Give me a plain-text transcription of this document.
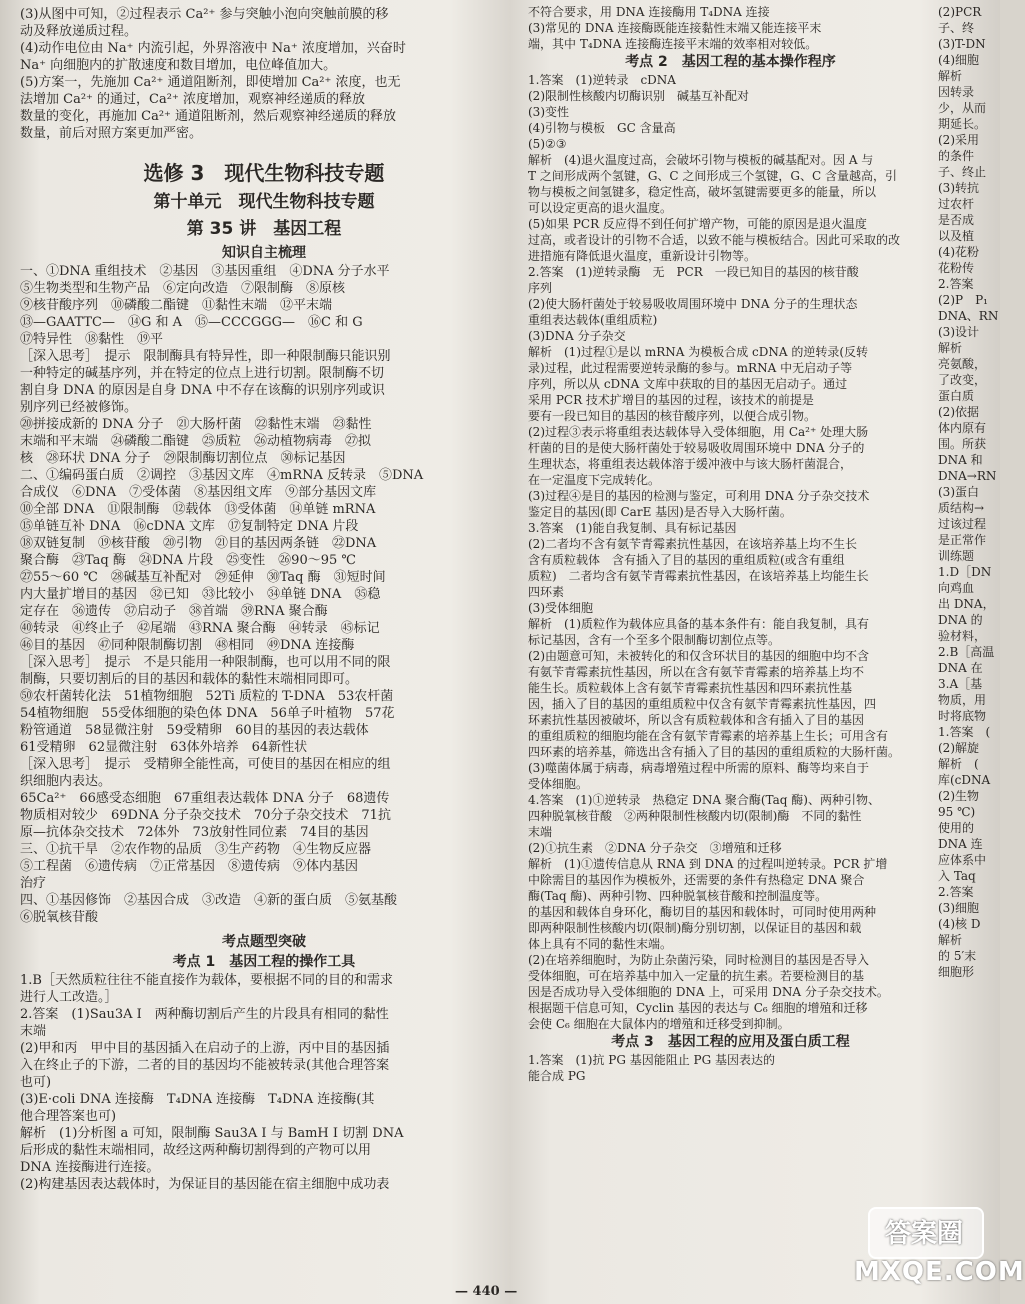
(3)从图中可知，②过程表示 Ca²⁺ 参与突触小泡向突触前膜的移

动及释放递质过程。

(4)动作电位由 Na⁺ 内流引起，外界溶液中 Na⁺ 浓度增加，兴奋时

Na⁺ 向细胞内的扩散速度和数目增加，电位峰值加大。

(5)方案一，先施加 Ca²⁺ 通道阻断剂，即使增加 Ca²⁺ 浓度，也无

法增加 Ca²⁺ 的通过，Ca²⁺ 浓度增加，观察神经递质的释放

数量的变化，再施加 Ca²⁺ 通道阻断剂，然后观察神经递质的释放

数量，前后对照方案更加严密。

选修 3　现代生物科技专题

第十单元　现代生物科技专题

第 35 讲　基因工程

知识自主梳理

一、①DNA 重组技术　②基因　③基因重组　④DNA 分子水平

⑤生物类型和生物产品　⑥定向改造　⑦限制酶　⑧原核

⑨核苷酸序列　⑩磷酸二酯键　⑪黏性末端　⑫平末端

⑬—GAATTC—　⑭G 和 A　⑮—CCCGGG—　⑯C 和 G

⑰特异性　⑱黏性　⑲平

［深入思考］　提示　限制酶具有特异性，即一种限制酶只能识别

一种特定的碱基序列，并在特定的位点上进行切割。限制酶不切

割自身 DNA 的原因是自身 DNA 中不存在该酶的识别序列或识

别序列已经被修饰。

⑳拼接成新的 DNA 分子　㉑大肠杆菌　㉒黏性末端　㉓黏性

末端和平末端　㉔磷酸二酯键　㉕质粒　㉖动植物病毒　㉗拟

核　㉘环状 DNA 分子　㉙限制酶切割位点　㉚标记基因

二、①编码蛋白质　②调控　③基因文库　④mRNA 反转录　⑤DNA

合成仪　⑥DNA　⑦受体菌　⑧基因组文库　⑨部分基因文库

⑩全部 DNA　⑪限制酶　⑫载体　⑬受体菌　⑭单链 mRNA

⑮单链互补 DNA　⑯cDNA 文库　⑰复制特定 DNA 片段

⑱双链复制　⑲核苷酸　⑳引物　㉑目的基因两条链　㉒DNA

聚合酶　㉓Taq 酶　㉔DNA 片段　㉕变性　㉖90～95 ℃

㉗55～60 ℃　㉘碱基互补配对　㉙延伸　㉚Taq 酶　㉛短时间

内大量扩增目的基因　㉜已知　㉝比较小　㉞单链 DNA　㉟稳

定存在　㊱遗传　㊲启动子　㊳首端　㊴RNA 聚合酶

㊵转录　㊶终止子　㊷尾端　㊸RNA 聚合酶　㊹转录　㊺标记

㊻目的基因　㊼同种限制酶切割　㊽相同　㊾DNA 连接酶

［深入思考］　提示　不是只能用一种限制酶，也可以用不同的限

制酶，只要切割后的目的基因和载体的黏性末端相同即可。

㊿农杆菌转化法　51植物细胞　52Ti 质粒的 T-DNA　53农杆菌

54植物细胞　55受体细胞的染色体 DNA　56单子叶植物　57花

粉管通道　58显微注射　59受精卵　60目的基因的表达载体

61受精卵　62显微注射　63体外培养　64新性状

［深入思考］　提示　受精卵全能性高，可使目的基因在相应的组

织细胞内表达。

65Ca²⁺　66感受态细胞　67重组表达载体 DNA 分子　68遗传

物质相对较少　69DNA 分子杂交技术　70分子杂交技术　71抗

原—抗体杂交技术　72体外　73放射性同位素　74目的基因

三、①抗干旱　②农作物的品质　③生产药物　④生物反应器

⑤工程菌　⑥遗传病　⑦正常基因　⑧遗传病　⑨体内基因

治疗

四、①基因修饰　②基因合成　③改造　④新的蛋白质　⑤氨基酸

⑥脱氧核苷酸

考点题型突破

考点 1　基因工程的操作工具

1.B［天然质粒往往不能直接作为载体，要根据不同的目的和需求

进行人工改造。］

2.答案　(1)Sau3A Ⅰ　两种酶切割后产生的片段具有相同的黏性

末端

(2)甲和丙　甲中目的基因插入在启动子的上游，丙中目的基因插

入在终止子的下游，二者的目的基因均不能被转录(其他合理答案

也可)

(3)E·coli DNA 连接酶　T₄DNA 连接酶　T₄DNA 连接酶(其

他合理答案也可)

解析　(1)分析图 a 可知，限制酶 Sau3A Ⅰ 与 BamH Ⅰ 切割 DNA

后形成的黏性末端相同，故经这两种酶切割得到的产物可以用

DNA 连接酶进行连接。

(2)构建基因表达载体时，为保证目的基因能在宿主细胞中成功表

不符合要求，用 DNA 连接酶用 T₄DNA 连接

(3)常见的 DNA 连接酶既能连接黏性末端又能连接平末

端，其中 T₄DNA 连接酶连接平末端的效率相对较低。

考点 2　基因工程的基本操作程序

1.答案　(1)逆转录　cDNA

(2)限制性核酸内切酶识别　碱基互补配对

(3)变性

(4)引物与模板　GC 含量高

(5)②③

解析　(4)退火温度过高，会破坏引物与模板的碱基配对。因 A 与

T 之间形成两个氢键，G、C 之间形成三个氢键，G、C 含量越高，引

物与模板之间氢键多，稳定性高，破坏氢键需要更多的能量，所以

可以设定更高的退火温度。

(5)如果 PCR 反应得不到任何扩增产物，可能的原因是退火温度

过高，或者设计的引物不合适，以致不能与模板结合。因此可采取的改

进措施有降低退火温度，重新设计引物等。

2.答案　(1)逆转录酶　无　PCR　一段已知目的基因的核苷酸

序列

(2)使大肠杆菌处于较易吸收周围环境中 DNA 分子的生理状态

重组表达载体(重组质粒)

(3)DNA 分子杂交

解析　(1)过程①是以 mRNA 为模板合成 cDNA 的逆转录(反转

录)过程，此过程需要逆转录酶的参与。mRNA 中无启动子等

序列，所以从 cDNA 文库中获取的目的基因无启动子。通过

采用 PCR 技术扩增目的基因的过程，该技术的前提是

要有一段已知目的基因的核苷酸序列，以便合成引物。

(2)过程③表示将重组表达载体导入受体细胞，用 Ca²⁺ 处理大肠

杆菌的目的是使大肠杆菌处于较易吸收周围环境中 DNA 分子的

生理状态，将重组表达载体溶于缓冲液中与该大肠杆菌混合，

在一定温度下完成转化。

(3)过程④是目的基因的检测与鉴定，可利用 DNA 分子杂交技术

鉴定目的基因(即 CarE 基因)是否导入大肠杆菌。

3.答案　(1)能自我复制、具有标记基因

(2)二者均不含有氨苄青霉素抗性基因，在该培养基上均不生长

含有质粒载体　含有插入了目的基因的重组质粒(或含有重组

质粒)　二者均含有氨苄青霉素抗性基因，在该培养基上均能生长

四环素

(3)受体细胞

解析　(1)质粒作为载体应具备的基本条件有：能自我复制，具有

标记基因，含有一个至多个限制酶切割位点等。

(2)由题意可知，未被转化的和仅含环状目的基因的细胞中均不含

有氨苄青霉素抗性基因，所以在含有氨苄青霉素的培养基上均不

能生长。质粒载体上含有氨苄青霉素抗性基因和四环素抗性基

因，插入了目的基因的重组质粒中仅含有氨苄青霉素抗性基因，四

环素抗性基因被破坏，所以含有质粒载体和含有插入了目的基因

的重组质粒的细胞均能在含有氨苄青霉素的培养基上生长；可用含有

四环素的培养基，筛选出含有插入了目的基因的重组质粒的大肠杆菌。

(3)噬菌体属于病毒，病毒增殖过程中所需的原料、酶等均来自于

受体细胞。

4.答案　(1)①逆转录　热稳定 DNA 聚合酶(Taq 酶)、两种引物、

四种脱氧核苷酸　②两种限制性核酸内切(限制)酶　不同的黏性

末端

(2)①抗生素　②DNA 分子杂交　③增殖和迁移

解析　(1)①遗传信息从 RNA 到 DNA 的过程叫逆转录。PCR 扩增

中除需目的基因作为模板外，还需要的条件有热稳定 DNA 聚合

酶(Taq 酶)、两种引物、四种脱氧核苷酸和控制温度等。

的基因和载体自身环化，酶切目的基因和载体时，可同时使用两种

即两种限制性核酸内切(限制)酶分别切割，以保证目的基因和载

体上具有不同的黏性末端。

(2)在培养细胞时，为防止杂菌污染，同时检测目的基因是否导入

受体细胞，可在培养基中加入一定量的抗生素。若要检测目的基

因是否成功导入受体细胞的 DNA 上，可采用 DNA 分子杂交技术。

根据题干信息可知，Cyclin 基因的表达与 C₆ 细胞的增殖和迁移

会使 C₆ 细胞在大鼠体内的增殖和迁移受到抑制。

考点 3　基因工程的应用及蛋白质工程

1.答案　(1)抗 PG 基因能阻止 PG 基因表达的

能合成 PG

(2)PCR

子、终

(3)T-DN

(4)细胞

解析

因转录

少，从而

期延长。

(2)采用

的条件

子、终止

(3)转抗

过农杆

是否成

以及植

(4)花粉

花粉传

2.答案

(2)P　P₁

DNA、RN

(3)设计

解析

亮氨酸，

了改变，

蛋白质

(2)依据

体内原有

围。所获

DNA 和

DNA→RN

(3)蛋白

质结构→

过该过程

是正常作

训练题

1.D［DN

向鸡血

出 DNA，

DNA 的

验材料，

2.B［高温

DNA 在

3.A［基

物质，用

时将底物

1.答案　(

(2)解旋

解析　(

库(cDNA

(2)生物

95 ℃)

使用的

DNA 连

应体系中

入 Taq

2.答案

(3)细胞

(4)核 D

解析

的 5′末

细胞形

— 440 —
答案圈
MXQE.COM
